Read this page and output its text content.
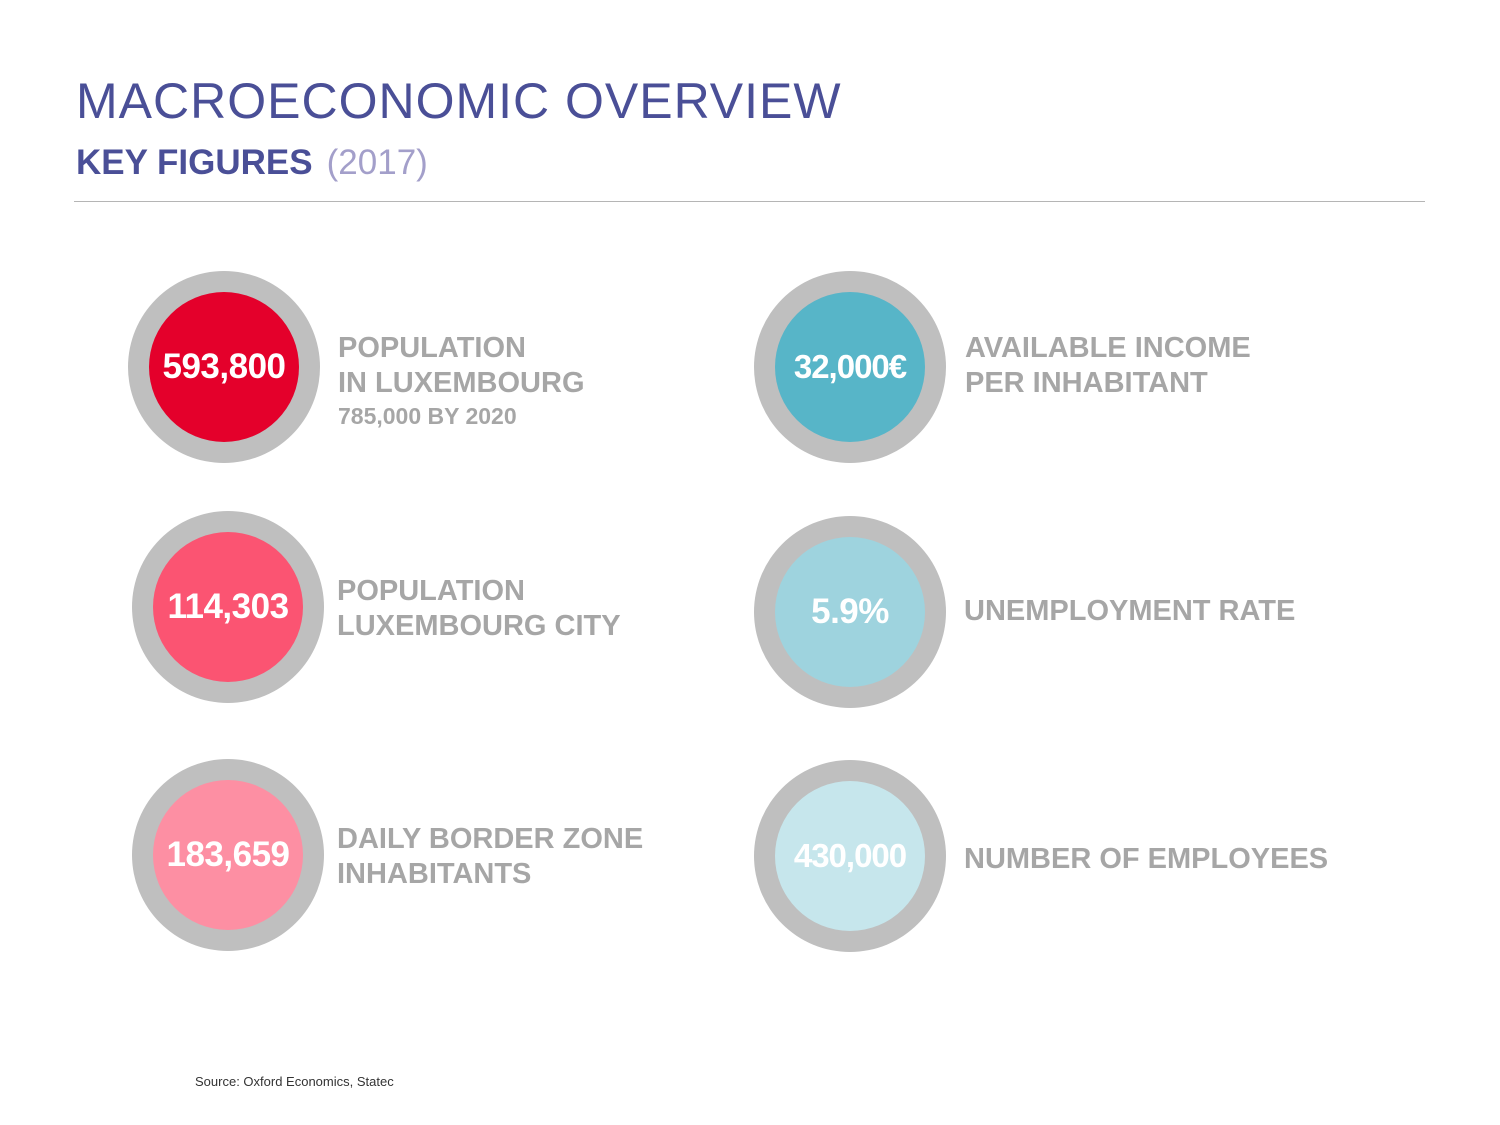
MACROECONOMIC OVERVIEW
KEY FIGURES (2017)
593,800 POPULATION
IN LUXEMBOURG
785,000 BY 2020
114,303 POPULATION
LUXEMBOURG CITY
183,659 DAILY BORDER ZONE
INHABITANTS
32,000€ AVAILABLE INCOME
PER INHABITANT
5.9%	UNEMPLOYMENT RATE
430,000 NUMBER OF EMPLOYEES
Source: Oxford Economics, Statec
